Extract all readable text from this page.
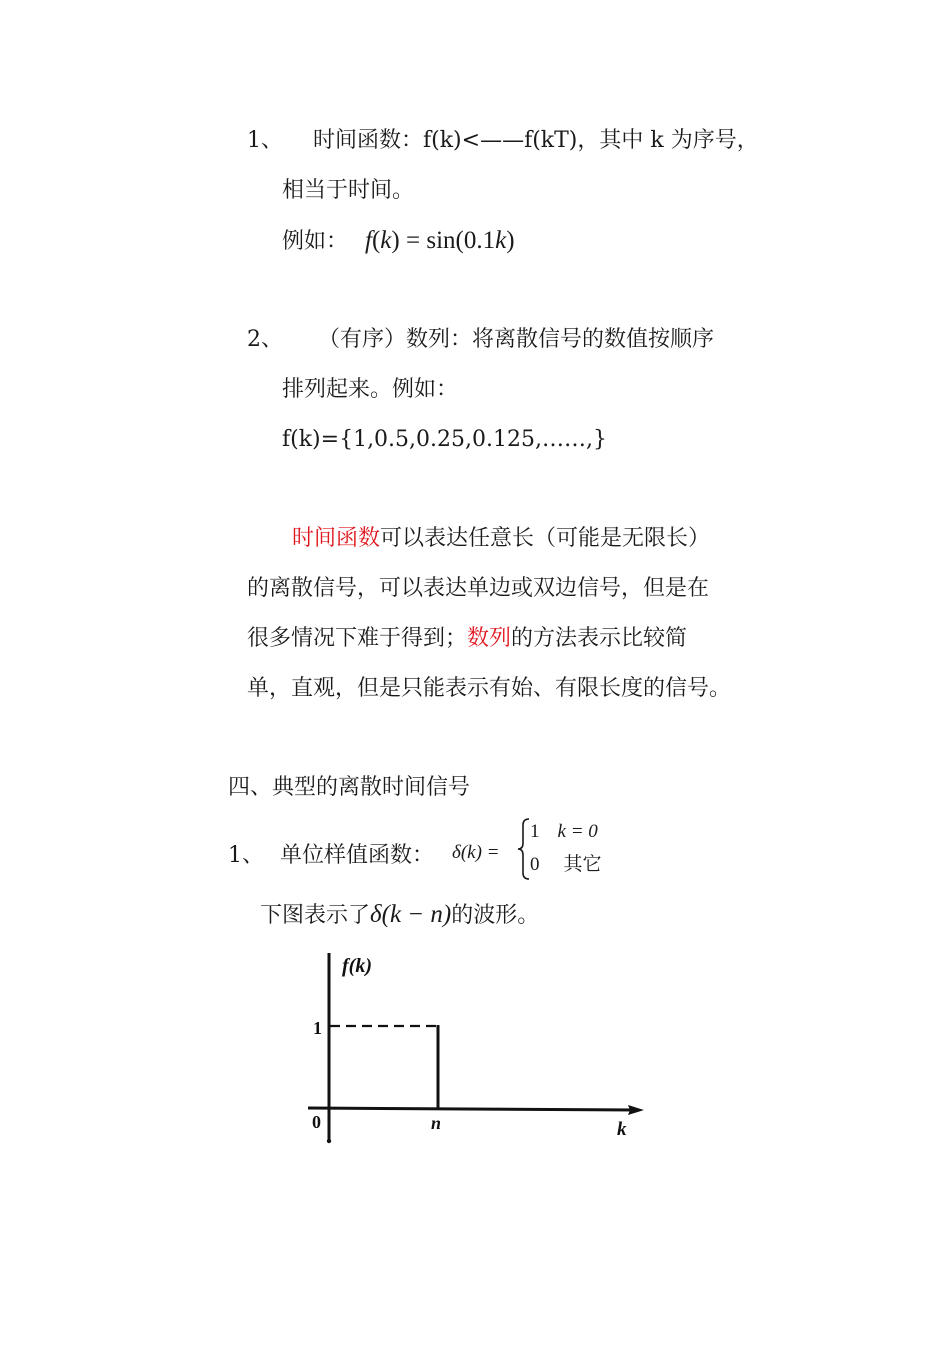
1、 时间函数：f(k)<——f(kT)，其中 k 为序号，
相当于时间。
例如： f(k) = sin(0.1k)
2、 （有序）数列：将离散信号的数值按顺序
排列起来。例如：
f(k)={1,0.5,0.25,0.125,……,}
时间函数可以表达任意长（可能是无限长）
的离散信号，可以表达单边或双边信号，但是在
很多情况下难于得到；数列的方法表示比较简
单，直观，但是只能表示有始、有限长度的信号。
四、典型的离散时间信号
1、 单位样值函数： δ(k) =
1 k = 0
0 其它
下图表示了δ(k − n)的波形。
f(k)
1
0	n	k
